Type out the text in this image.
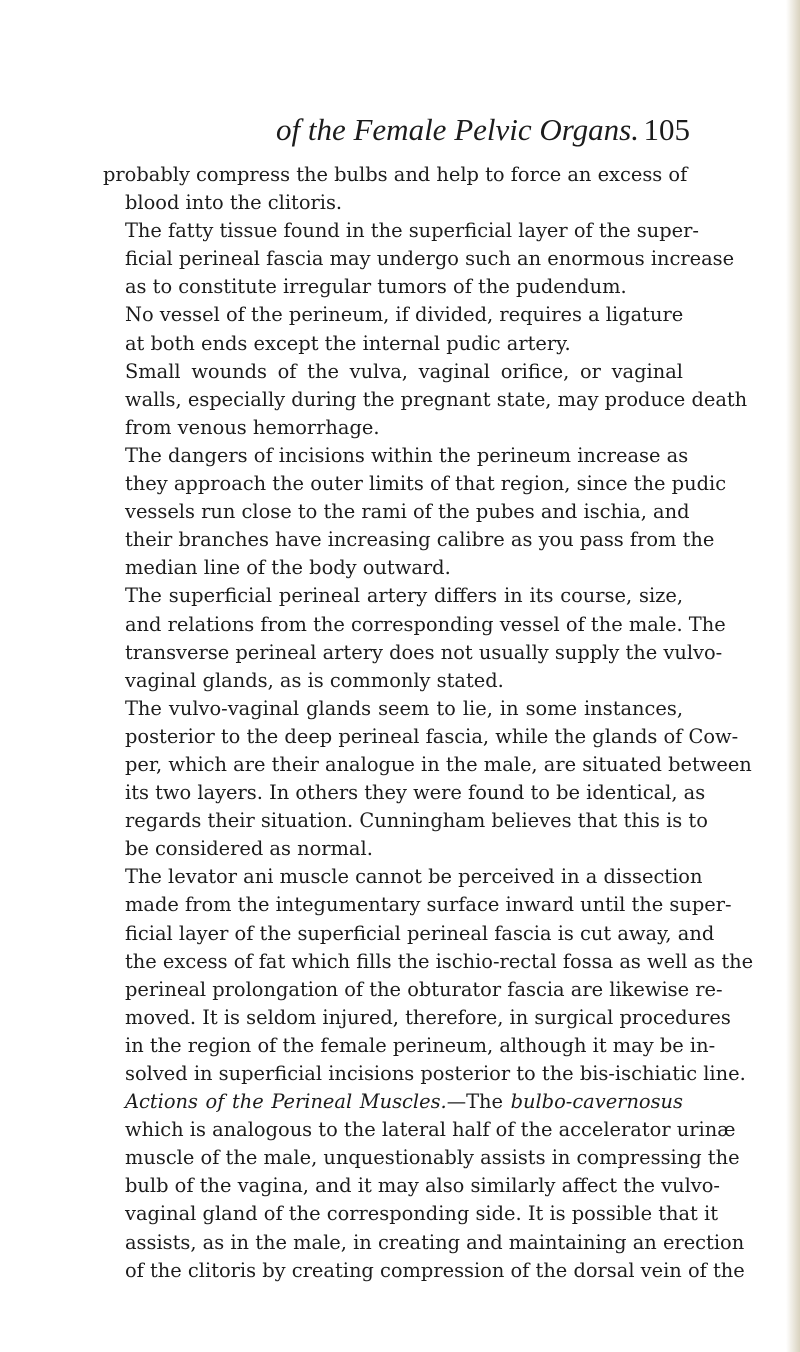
of the Female Pelvic Organs. 105
probably compress the bulbs and help to force an excess of
blood into the clitoris.
The fatty tissue found in the superficial layer of the super-
ficial perineal fascia may undergo such an enormous increase
as to constitute irregular tumors of the pudendum.
No vessel of the perineum, if divided, requires a ligature
at both ends except the internal pudic artery.
Small wounds of the vulva, vaginal orifice, or vaginal
walls, especially during the pregnant state, may produce death
from venous hemorrhage.
The dangers of incisions within the perineum increase as
they approach the outer limits of that region, since the pudic
vessels run close to the rami of the pubes and ischia, and
their branches have increasing calibre as you pass from the
median line of the body outward.
The superficial perineal artery differs in its course, size,
and relations from the corresponding vessel of the male. The
transverse perineal artery does not usually supply the vulvo-
vaginal glands, as is commonly stated.
The vulvo-vaginal glands seem to lie, in some instances,
posterior to the deep perineal fascia, while the glands of Cow-
per, which are their analogue in the male, are situated between
its two layers. In others they were found to be identical, as
regards their situation. Cunningham believes that this is to
be considered as normal.
The levator ani muscle cannot be perceived in a dissection
made from the integumentary surface inward until the super-
ficial layer of the superficial perineal fascia is cut away, and
the excess of fat which fills the ischio-rectal fossa as well as the
perineal prolongation of the obturator fascia are likewise re-
moved. It is seldom injured, therefore, in surgical procedures
in the region of the female perineum, although it may be in-
solved in superficial incisions posterior to the bis-ischiatic line.
Actions of the Perineal Muscles.—The bulbo-cavernosus
which is analogous to the lateral half of the accelerator urinæ
muscle of the male, unquestionably assists in compressing the
bulb of the vagina, and it may also similarly affect the vulvo-
vaginal gland of the corresponding side. It is possible that it
assists, as in the male, in creating and maintaining an erection
of the clitoris by creating compression of the dorsal vein of the
